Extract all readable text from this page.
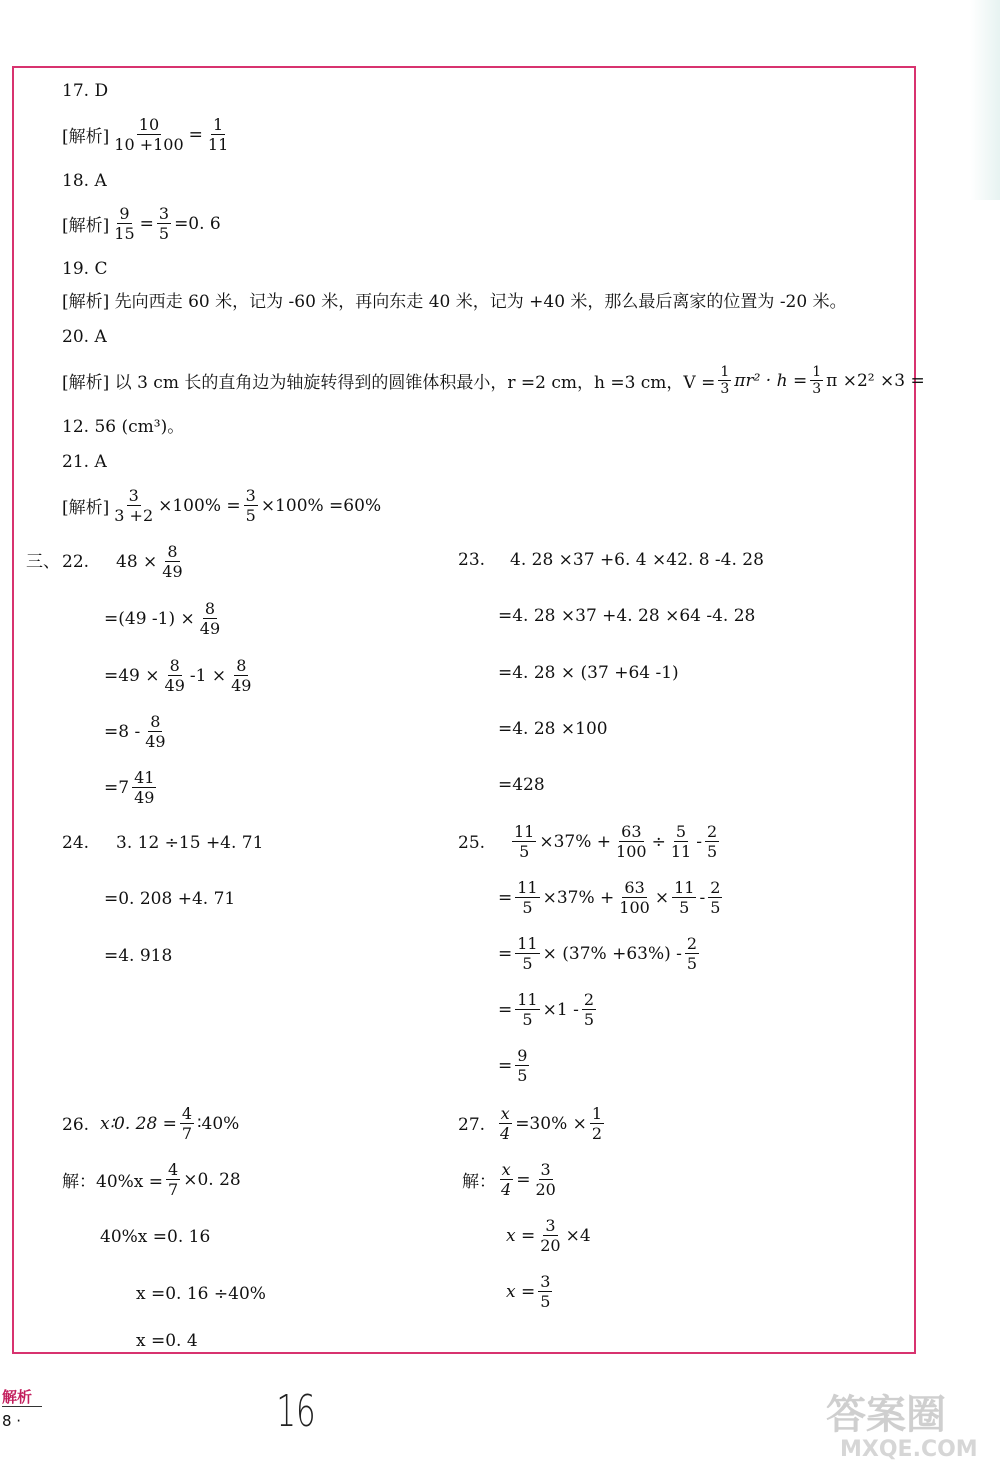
17. D
[解析] $\frac{10}{10 +100} = \frac{1}{11}$
18. A
[解析] $\frac{9}{15} = \frac{3}{5} =0$. 6
19. C
[解析] 先向西走 60 米，记为 -60 米，再向东走 40 米，记为 +40 米，那么最后离家的位置为 -20 米。
20. A
[解析] 以 3 cm 长的直角边为轴旋转得到的圆锥体积最小，r =2 cm，h =3 cm，$V = \frac{1}{3} \pi r^2 \cdot h = \frac{1}{3}$ π ×2² ×3 =
12. 56 (cm³)。
21. A
[解析] $\frac{3}{3 +2} \times 100\% = \frac{3}{5} \times 100\% =60\%$
三、 22. $48 \times \frac{8}{49}$
=(49 $-1) \times \frac{8}{49}$
$=49 \times \frac{8}{49} -1 \times \frac{8}{49}$
$=8 - \frac{8}{49}$
$=7 \frac{41}{49}$
23. 4. 28 ×37 +6. 4 ×42. 8 -4. 28
=4. 28 ×37 +4. 28 ×64 -4. 28
=4. 28 × (37 +64 -1)
=4. 28 ×100
=428
24. 3. 12 ÷15 +4. 71
=0. 208 +4. 71
=4. 918
25. $\frac{11}{5} \times 37\% + \frac{63}{100} \div \frac{5}{11} - \frac{2}{5}$
= $\frac{11}{5} \times 37\% + \frac{63}{100} \times \frac{11}{5} - \frac{2}{5}$
= $\frac{11}{5} \times (37\% +63\%) - \frac{2}{5}$
= $\frac{11}{5} \times 1 - \frac{2}{5}$
= $\frac{9}{5}$
26. x∶0. $28 = \frac{4}{7}$ ∶40%
解：$40\%x = \frac{4}{7} \times 0$. 28
40%x =0. 16
x =0. 16 ÷40%
x =0. 4
27. $\frac{x}{4} =30\% \times \frac{1}{2}$
解： $\frac{x}{4} = \frac{3}{20}$
$x = \frac{3}{20} \times 4$
$x = \frac{3}{5}$
解析
8 ·	16	答案圈
MXQE.COM
